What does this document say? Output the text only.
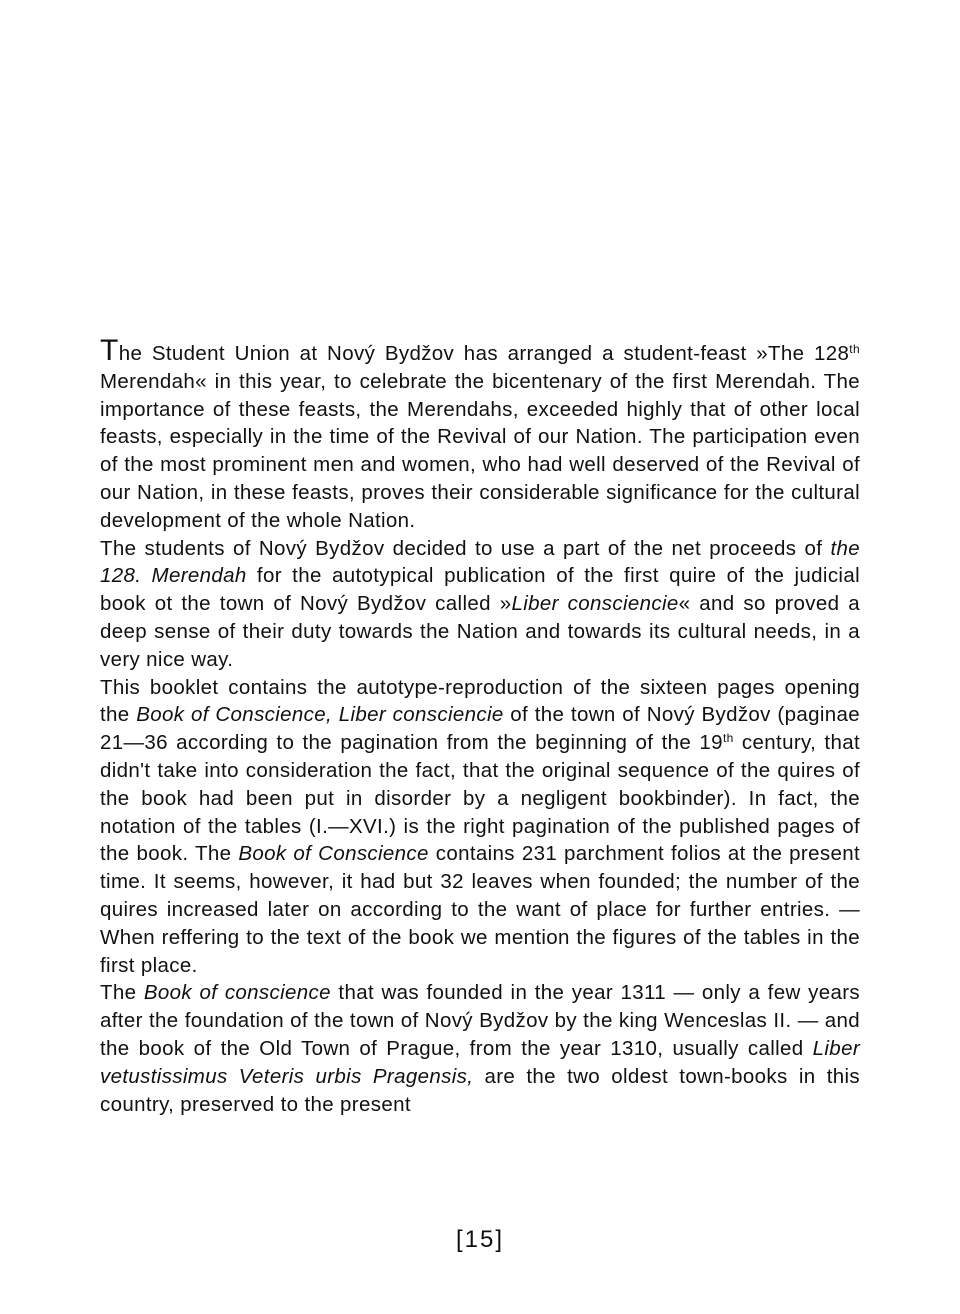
The Student Union at Nový Bydžov has arranged a student-feast »The 128th Merendah« in this year, to celebrate the bicentenary of the first Merendah. The importance of these feasts, the Merendahs, exceeded highly that of other local feasts, especially in the time of the Revival of our Nation. The participation even of the most prominent men and women, who had well deserved of the Revival of our Nation, in these feasts, proves their considerable significance for the cultural development of the whole Nation.

The students of Nový Bydžov decided to use a part of the net proceeds of the 128. Merendah for the autotypical publication of the first quire of the judicial book ot the town of Nový Bydžov called »Liber conscienciе« and so proved a deep sense of their duty towards the Nation and towards its cultural needs, in a very nice way.

This booklet contains the autotype-reproduction of the sixteen pages opening the Book of Conscience, Liber consciencie of the town of Nový Bydžov (paginae 21—36 according to the pagination from the beginning of the 19th century, that didn't take into consideration the fact, that the original sequence of the quires of the book had been put in disorder by a negligent bookbinder). In fact, the notation of the tables (I.—XVI.) is the right pagination of the published pages of the book. The Book of Conscience contains 231 parchment folios at the present time. It seems, however, it had but 32 leaves when founded; the number of the quires increased later on according to the want of place for further entries. — When reffering to the text of the book we mention the figures of the tables in the first place.

The Book of conscience that was founded in the year 1311 — only a few years after the foundation of the town of Nový Bydžov by the king Wenceslas II. — and the book of the Old Town of Prague, from the year 1310, usually called Liber vetustissimus Veteris urbis Pragensis, are the two oldest town-books in this country, preserved to the present

[15]
